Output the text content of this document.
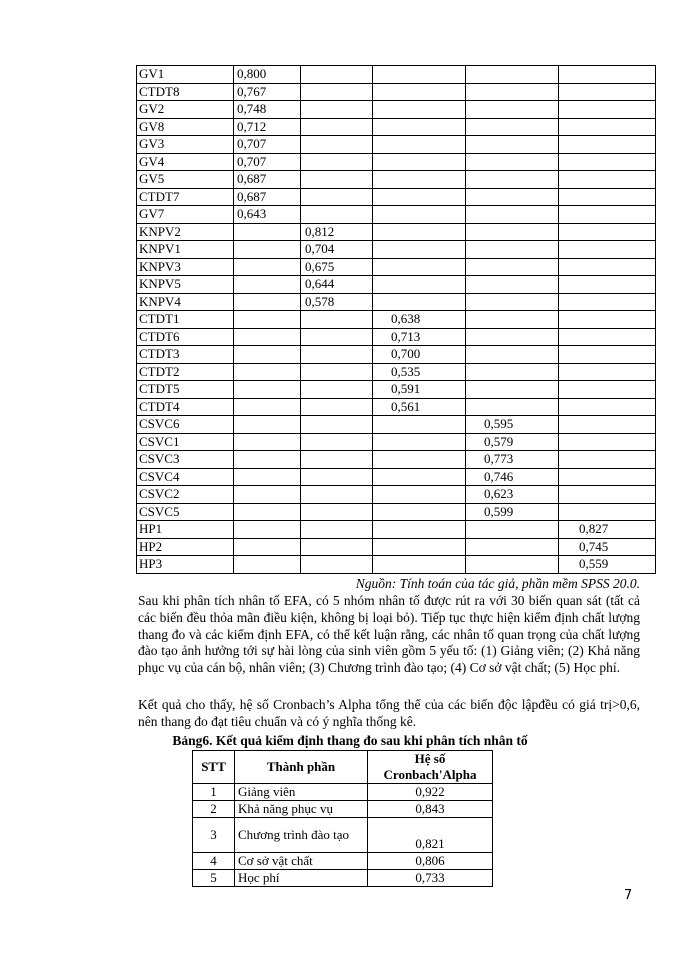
GV1	0,800				
CTDT8	0,767				
GV2	0,748				
GV8	0,712				
GV3	0,707				
GV4	0,707				
GV5	0,687				
CTDT7	0,687				
GV7	0,643				
KNPV2		0,812			
KNPV1		0,704			
KNPV3		0,675			
KNPV5		0,644			
KNPV4		0,578			
CTDT1			0,638		
CTDT6			0,713		
CTDT3			0,700		
CTDT2			0,535		
CTDT5			0,591		
CTDT4			0,561		
CSVC6				0,595	
CSVC1				0,579	
CSVC3				0,773	
CSVC4				0,746	
CSVC2				0,623	
CSVC5				0,599	
HP1					0,827
HP2					0,745
HP3					0,559
Nguồn: Tính toán của tác giả, phần mềm SPSS 20.0.
Sau khi phân tích nhân tố EFA, có 5 nhóm nhân tố được rút ra với 30 biến quan sát (tất cả các biến đều thỏa mãn điều kiện, không bị loại bỏ). Tiếp tục thực hiện kiểm định chất lượng thang đo và các kiểm định EFA, có thể kết luận rằng, các nhân tố quan trọng của chất lượng đào tạo ảnh hưởng tới sự hài lòng của sinh viên gồm 5 yếu tố: (1) Giảng viên; (2) Khả năng phục vụ của cán bộ, nhân viên; (3) Chương trình đào tạo; (4) Cơ sở vật chất; (5) Học phí.
Kết quả cho thấy, hệ số Cronbach’s Alpha tổng thể của các biến độc lậpđều có giá trị>0,6, nên thang đo đạt tiêu chuẩn và có ý nghĩa thống kê.
Bảng6. Kết quả kiểm định thang đo sau khi phân tích nhân tố
STT	Thành phần	Hệ số Cronbach'Alpha
1	Giảng viên	0,922
2	Khả năng phục vụ	0,843
3	Chương trình đào tạo	0,821
4	Cơ sở vật chất	0,806
5	Học phí	0,733
7
